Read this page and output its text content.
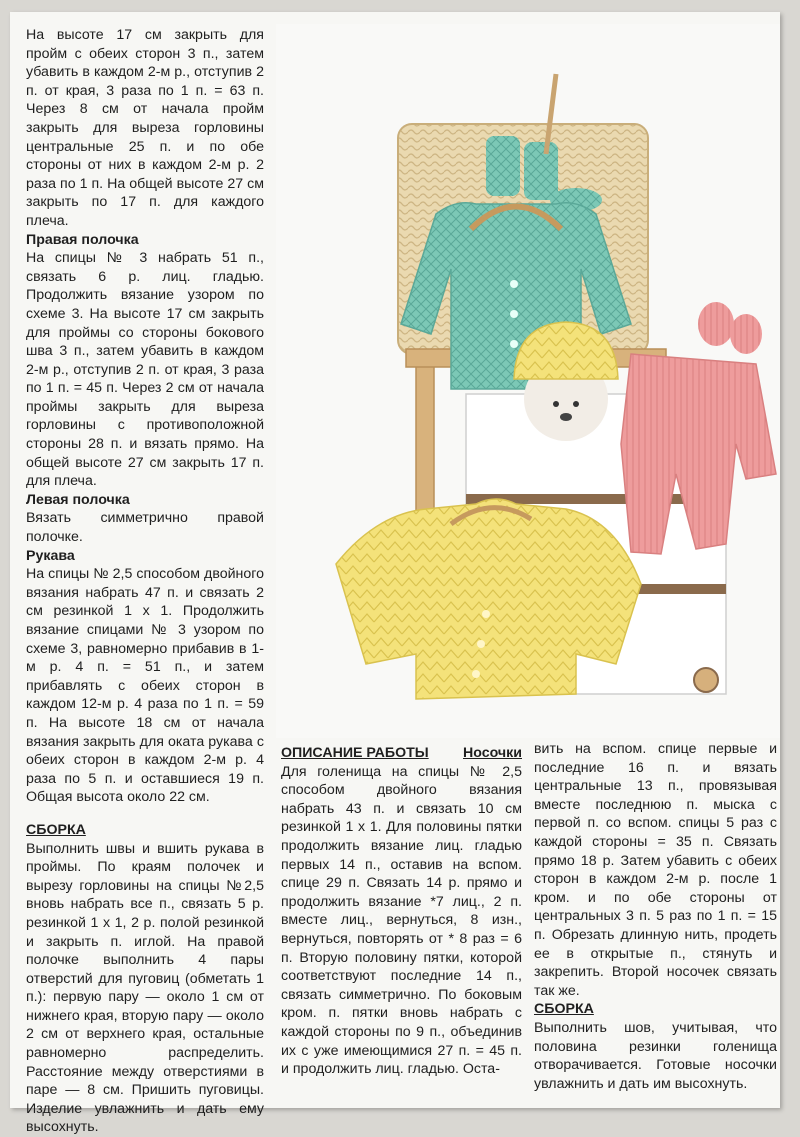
На высоте 17 см закрыть для пройм с обеих сторон 3 п., затем убавить в каждом 2-м р., отступив 2 п. от края, 3 раза по 1 п. = 63 п. Через 8 см от начала пройм закрыть для выреза горловины центральные 25 п. и по обе стороны от них в каждом 2-м р. 2 раза по 1 п. На общей высоте 27 см закрыть по 17 п. для каждого плеча.

Правая полочка

На спицы № 3 набрать 51 п., связать 6 р. лиц. гладью. Продолжить вязание узором по схеме 3. На высоте 17 см закрыть для проймы со стороны бокового шва 3 п., затем убавить в каждом 2-м р., отступив 2 п. от края, 3 раза по 1 п. = 45 п. Через 2 см от начала проймы закрыть для выреза горловины с противоположной стороны 28 п. и вязать прямо. На общей высоте 27 см закрыть 17 п. для плеча.

Левая полочка

Вязать симметрично правой полочке.

Рукава

На спицы № 2,5 способом двойного вязания набрать 47 п. и связать 2 см резинкой 1 х 1. Продолжить вязание спицами № 3 узором по схеме 3, равномерно прибавив в 1-м р. 4 п. = 51 п., и затем прибавлять с обеих сторон в каждом 12-м р. 4 раза по 1 п. = 59 п. На высоте 18 см от начала вязания закрыть для оката рукава с обеих сторон в каждом 2-м р. 4 раза по 5 п. и оставшиеся 19 п. Общая высота около 22 см.

СБОРКА

Выполнить швы и вшить рукава в проймы. По краям полочек и вырезу горловины на спицы №2,5 вновь набрать все п., связать 5 р. резинкой 1 х 1, 2 р. полой резинкой и закрыть п. иглой. На правой полочке выполнить 4 пары отверстий для пуговиц (обметать 1 п.): первую пару — около 1 см от нижнего края, вторую пару — около 2 см от верхнего края, остальные равномерно распределить. Расстояние между отверстиями в паре — 8 см. Пришить пуговицы. Изделие увлажнить и дать ему высохнуть.

ОПИСАНИЕ РАБОТЫ Носочки

Для голенища на спицы № 2,5 способом двойного вязания набрать 43 п. и связать 10 см резинкой 1 х 1. Для половины пятки продолжить вязание лиц. гладью первых 14 п., оставив на вспом. спице 29 п. Связать 14 р. прямо и продолжить вязание *7 лиц., 2 п. вместе лиц., вернуться, 8 изн., вернуться, повторять от * 8 раз = 6 п. Вторую половину пятки, которой соответствуют последние 14 п., связать симметрично. По боковым кром. п. пятки вновь набрать с каждой стороны по 9 п., объединив их с уже имеющимися 27 п. = 45 п. и продолжить лиц. гладью. Оста-

вить на вспом. спице первые и последние 16 п. и вязать центральные 13 п., провязывая вместе последнюю п. мыска с первой п. со вспом. спицы 5 раз с каждой стороны = 35 п. Связать прямо 18 р. Затем убавить с обеих сторон в каждом 2-м р. после 1 кром. и по обе стороны от центральных 3 п. 5 раз по 1 п. = 15 п. Обрезать длинную нить, продеть ее в открытые п., стянуть и закрепить. Второй носочек связать так же.

СБОРКА

Выполнить шов, учитывая, что половина резинки голенища отворачивается. Готовые носочки увлажнить и дать им высохнуть.
